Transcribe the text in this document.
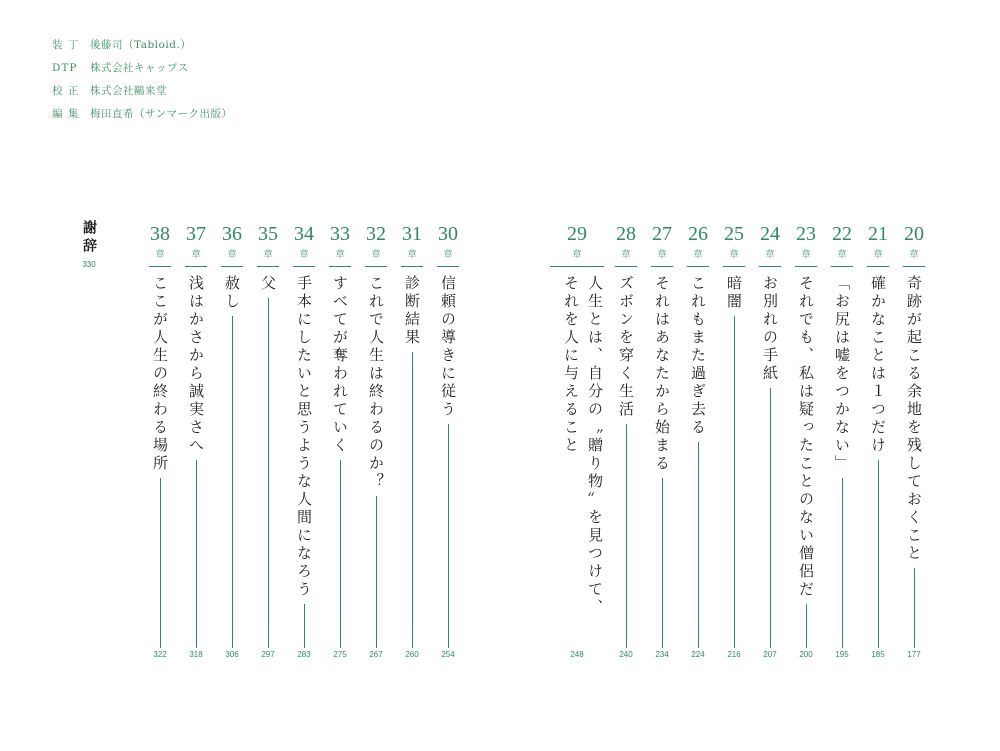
装 丁	後藤司（Tabloid.）
DTP	株式会社キャップス
校 正	株式会社鷗来堂
編 集	梅田直希（サンマーク出版）
謝辞
330
38
章
ここが人生の終わる場所
322
37
章
浅はかさから誠実さへ
318
36
章
赦し
306
35
章
父
297
34
章
手本にしたいと思うような人間になろう
283
33
章
すべてが奪われていく
275
32
章
これで人生は終わるのか？
267
31
章
診断結果
260
30
章
信頼の導きに従う
254
28
章
ズボンを穿く生活
240
27
章
それはあなたから始まる
234
26
章
これもまた過ぎ去る
224
25
章
暗闇
216
24
章
お別れの手紙
207
23
章
それでも、私は疑ったことのない僧侶だ
200
22
章
「お尻は嘘をつかない」
195
21
章
確かなことは１つだけ
185
20
章
奇跡が起こる余地を残しておくこと
177
29
章
人生とは、自分の〝贈り物〟を見つけて、
それを人に与えること
248
